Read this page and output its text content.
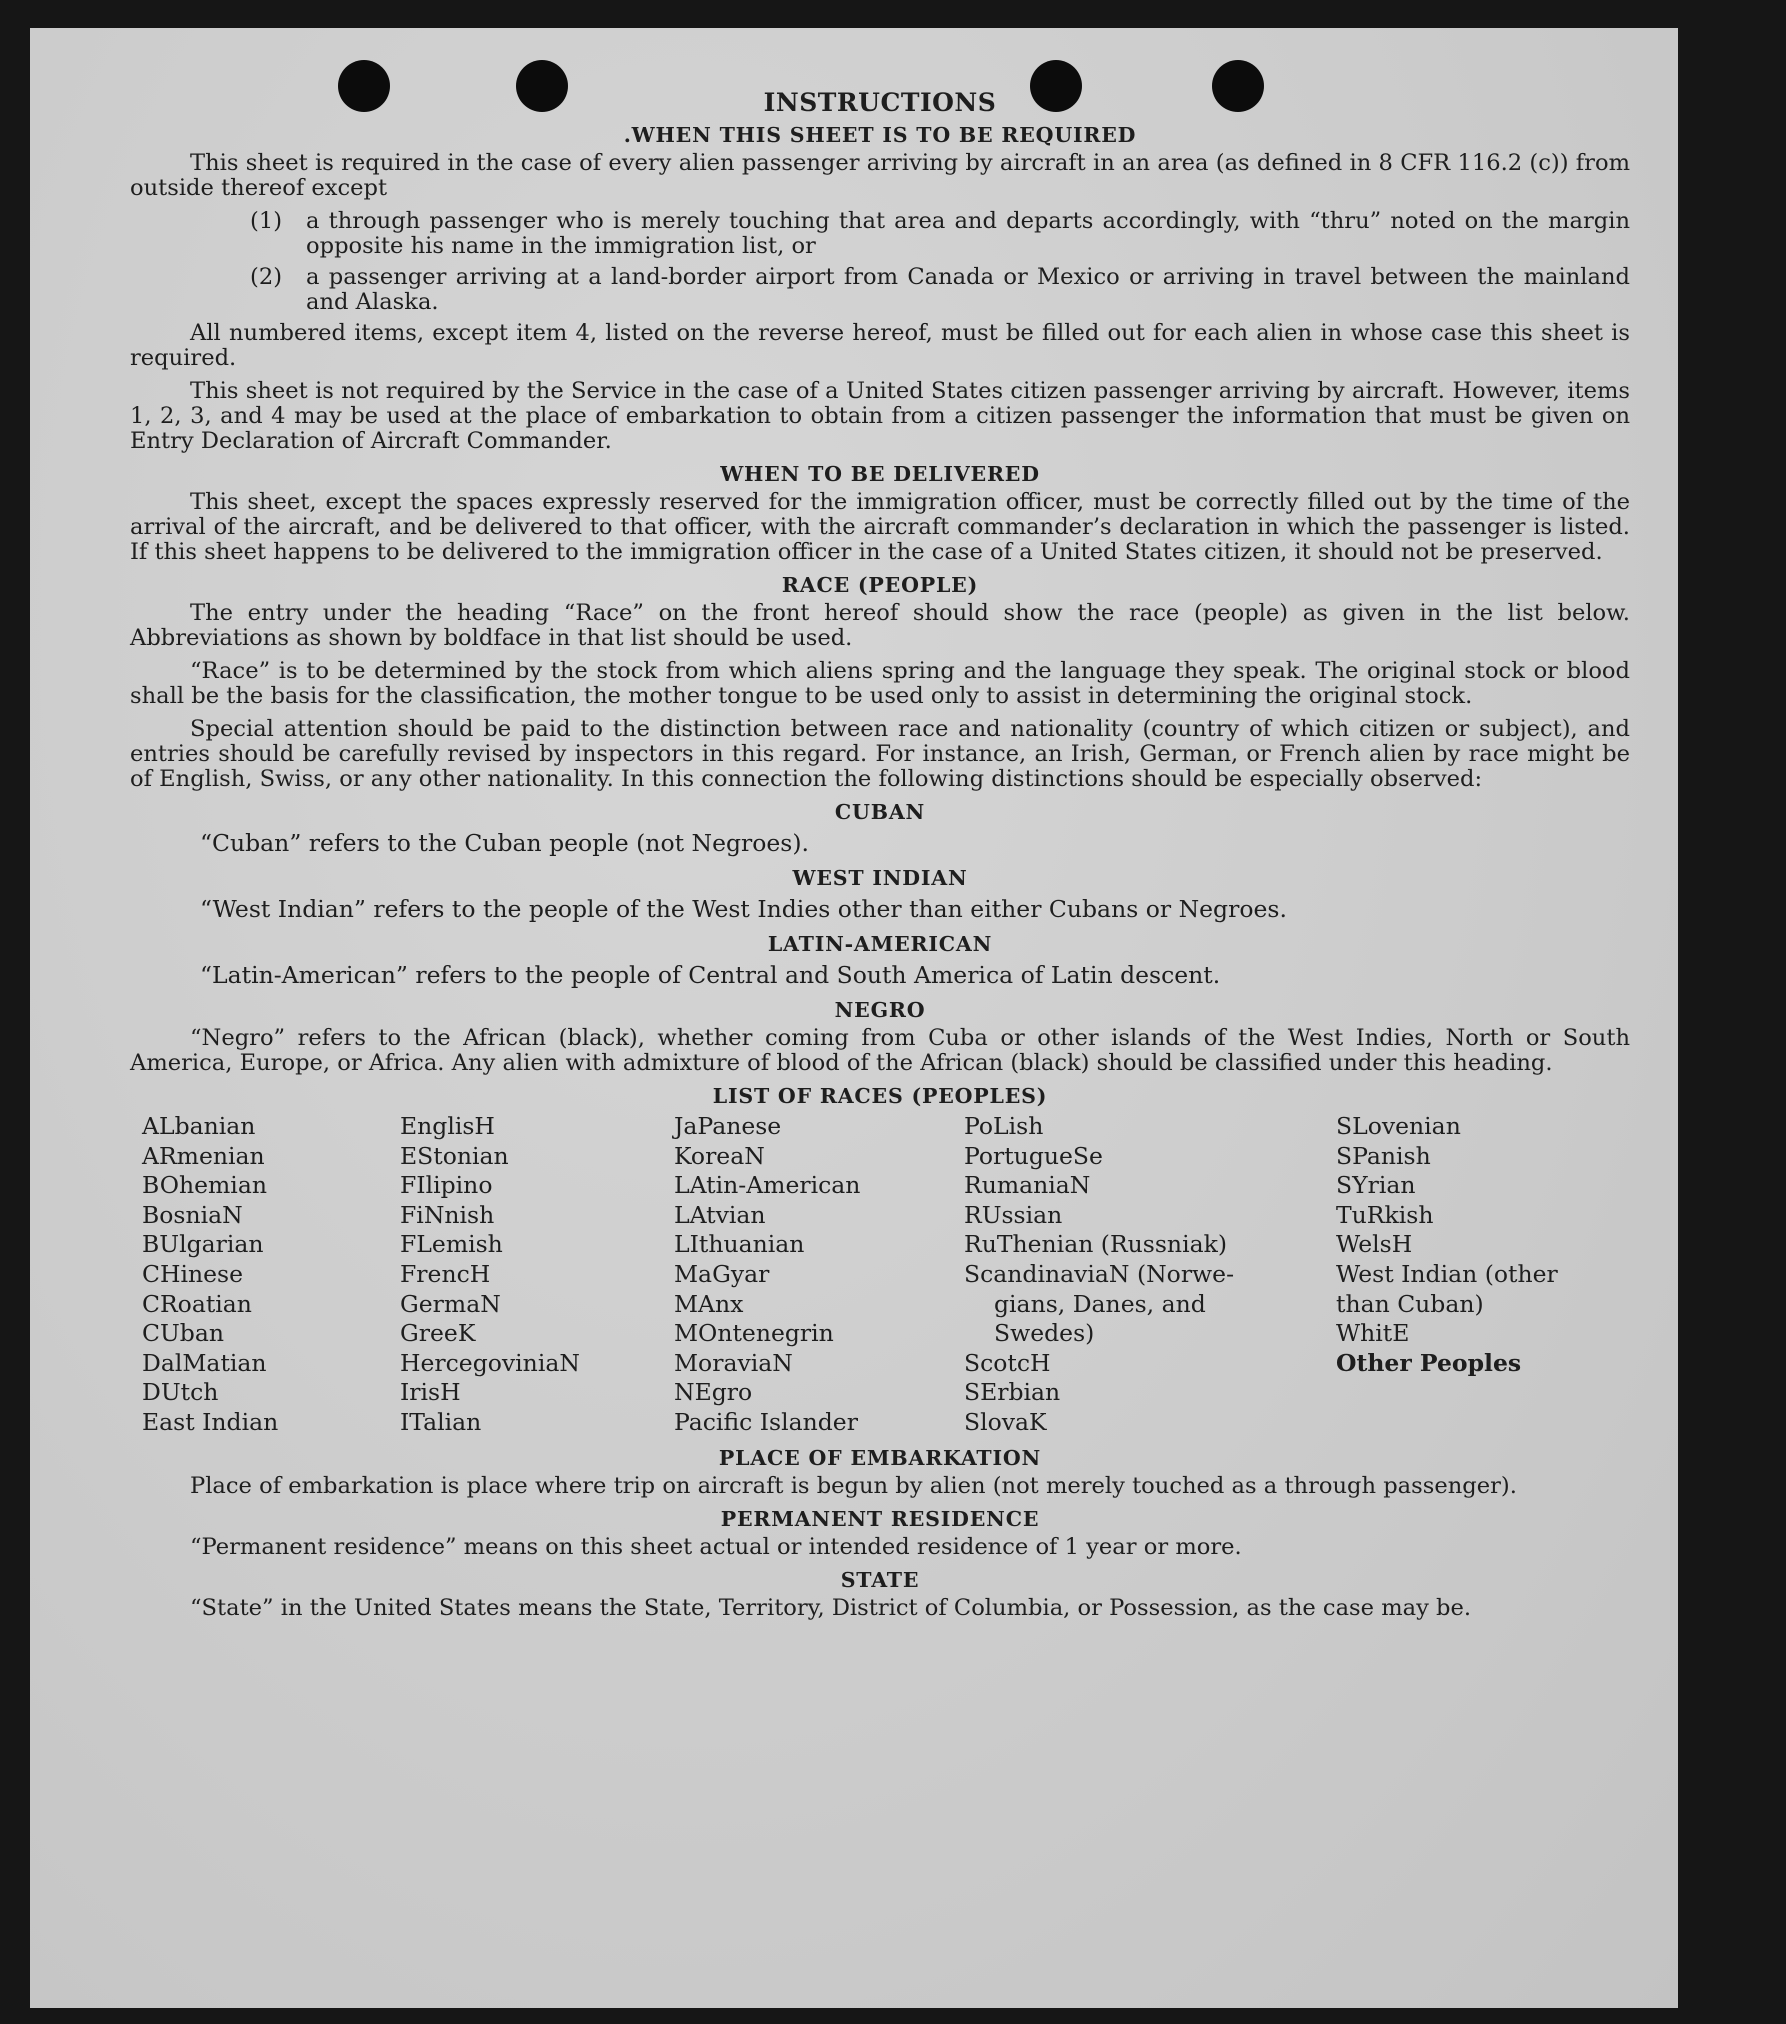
INSTRUCTIONS
.WHEN THIS SHEET IS TO BE REQUIRED

This sheet is required in the case of every alien passenger arriving by aircraft in an area (as defined in 8 CFR 116.2 (c)) from outside thereof except

(1)	a through passenger who is merely touching that area and departs accordingly, with “thru” noted on the margin opposite his name in the immigration list, or
(2)	a passenger arriving at a land-border airport from Canada or Mexico or arriving in travel between the mainland and Alaska.

All numbered items, except item 4, listed on the reverse hereof, must be filled out for each alien in whose case this sheet is required.

This sheet is not required by the Service in the case of a United States citizen passenger arriving by aircraft. However, items 1, 2, 3, and 4 may be used at the place of embarkation to obtain from a citizen passenger the information that must be given on Entry Declaration of Aircraft Commander.

WHEN TO BE DELIVERED

This sheet, except the spaces expressly reserved for the immigration officer, must be correctly filled out by the time of the arrival of the aircraft, and be delivered to that officer, with the aircraft commander’s declaration in which the passenger is listed. If this sheet happens to be delivered to the immigration officer in the case of a United States citizen, it should not be preserved.

RACE (PEOPLE)

The entry under the heading “Race” on the front hereof should show the race (people) as given in the list below. Abbreviations as shown by boldface in that list should be used.

“Race” is to be determined by the stock from which aliens spring and the language they speak. The original stock or blood shall be the basis for the classification, the mother tongue to be used only to assist in determining the original stock.

Special attention should be paid to the distinction between race and nationality (country of which citizen or subject), and entries should be carefully revised by inspectors in this regard. For instance, an Irish, German, or French alien by race might be of English, Swiss, or any other nationality. In this connection the following distinctions should be especially observed:

CUBAN
“Cuban” refers to the Cuban people (not Negroes).
WEST INDIAN
“West Indian” refers to the people of the West Indies other than either Cubans or Negroes.
LATIN-AMERICAN
“Latin-American” refers to the people of Central and South America of Latin descent.
NEGRO

“Negro” refers to the African (black), whether coming from Cuba or other islands of the West Indies, North or South America, Europe, or Africa. Any alien with admixture of blood of the African (black) should be classified under this heading.

LIST OF RACES (PEOPLES)
ALbanian
ARmenian
BOhemian
BosniaN
BUlgarian
CHinese
CRoatian
CUban
DalMatian
DUtch
East Indian
EnglisH
EStonian
FIlipino
FiNnish
FLemish
FrencH
GermaN
GreeK
HercegoviniaN
IrisH
ITalian
JaPanese
KoreaN
LAtin-American
LAtvian
LIthuanian
MaGyar
MAnx
MOntenegrin
MoraviaN
NEgro
Pacific Islander
PoLish
PortugueSe
RumaniaN
RUssian
RuThenian (Russniak)
ScandinaviaN (Norwe-
gians, Danes, and
Swedes)
ScotcH
SErbian
SlovaK
SLovenian
SPanish
SYrian
TuRkish
WelsH
West Indian (other
than Cuban)
WhitE
Other Peoples
PLACE OF EMBARKATION

Place of embarkation is place where trip on aircraft is begun by alien (not merely touched as a through passenger).

PERMANENT RESIDENCE

“Permanent residence” means on this sheet actual or intended residence of 1 year or more.

STATE

“State” in the United States means the State, Territory, District of Columbia, or Possession, as the case may be.
